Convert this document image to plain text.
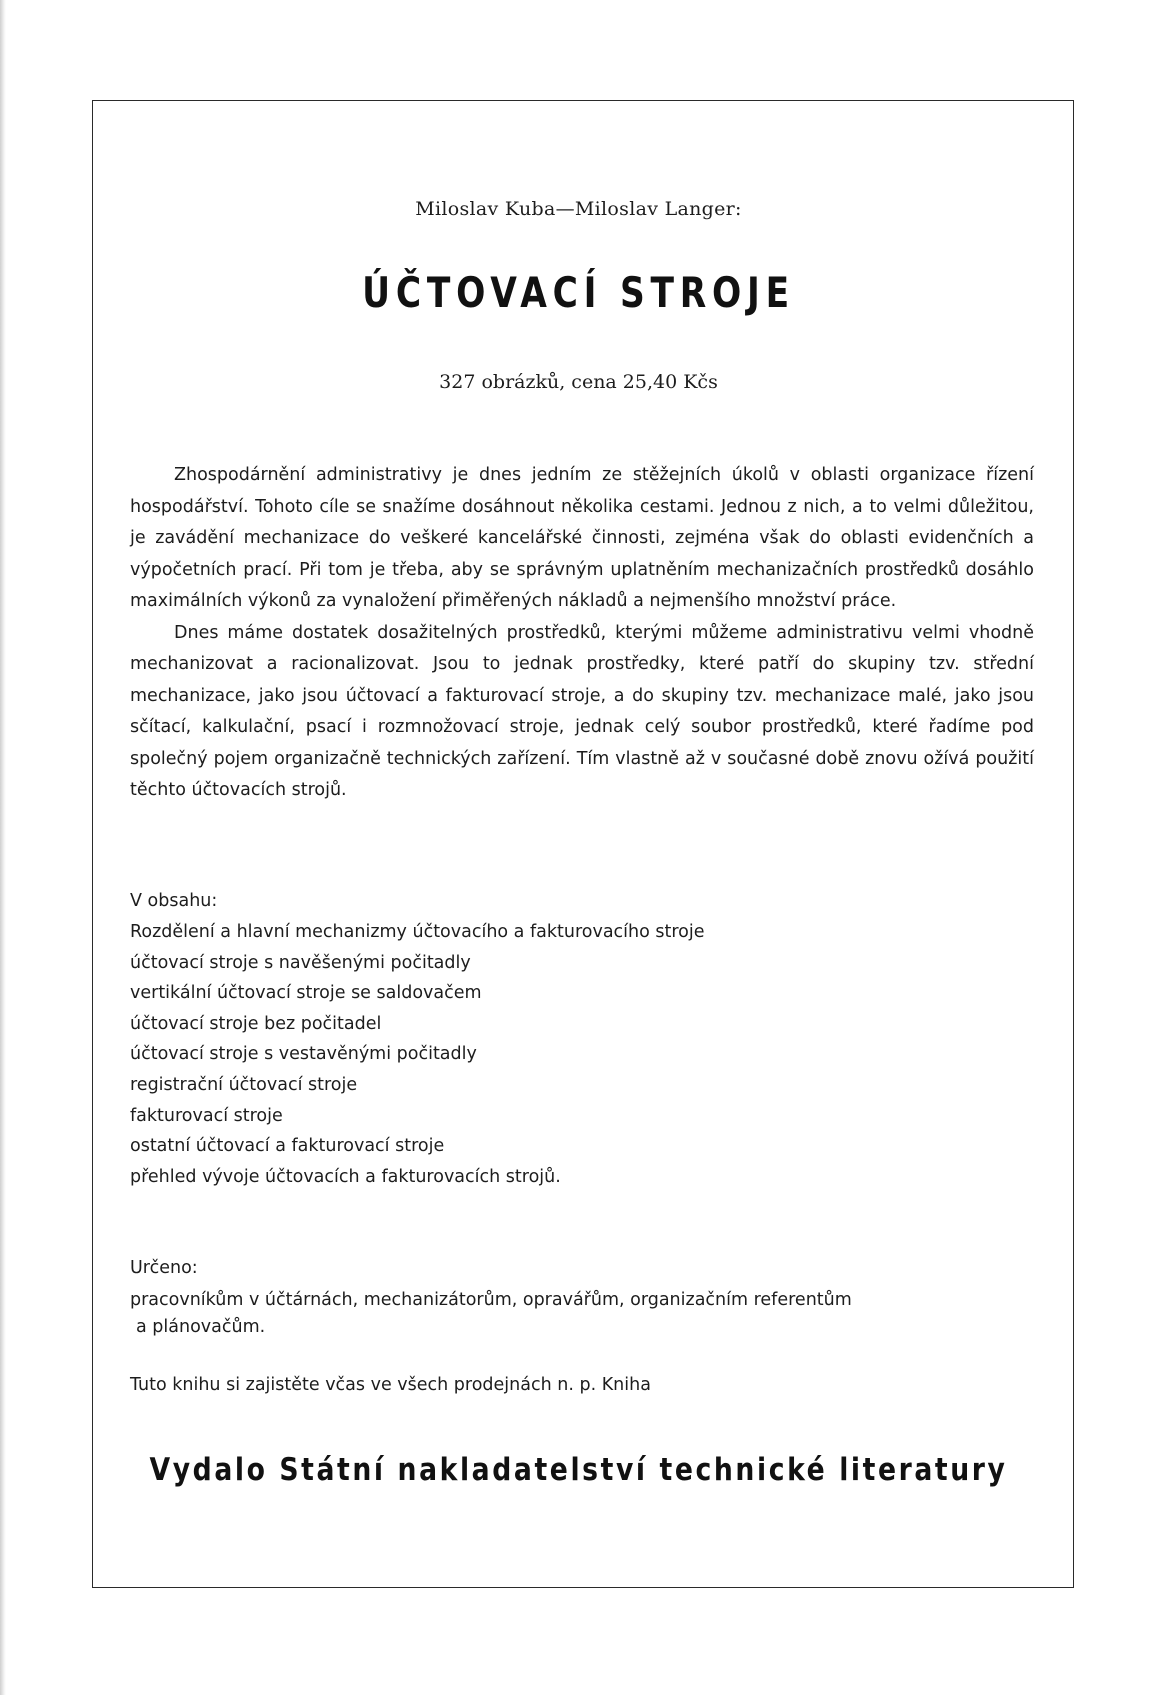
Miloslav Kuba—Miloslav Langer:
ÚČTOVACÍ STROJE
327 obrázků, cena 25,40 Kčs

Zhospodárnění administrativy je dnes jedním ze stěžejních úkolů v oblasti organizace řízení hospodářství. Tohoto cíle se snažíme dosáhnout několika cestami. Jednou z nich, a to velmi důležitou, je zavádění mechanizace do veškeré kancelářské činnosti, zejména však do oblasti evidenčních a výpočetních prací. Při tom je třeba, aby se správným uplatněním mechanizačních prostředků dosáhlo maximálních výkonů za vynaložení přiměřených nákladů a nejmenšího množství práce.

Dnes máme dostatek dosažitelných prostředků, kterými můžeme administrativu velmi vhodně mechanizovat a racionalizovat. Jsou to jednak prostředky, které patří do skupiny tzv. střední mechanizace, jako jsou účtovací a fakturovací stroje, a do skupiny tzv. mechanizace malé, jako jsou sčítací, kalkulační, psací i rozmnožovací stroje, jednak celý soubor prostředků, které řadíme pod společný pojem organizačně technických zařízení. Tím vlastně až v současné době znovu ožívá použití těchto účtovacích strojů.

V obsahu:
Rozdělení a hlavní mechanizmy účtovacího a fakturovacího stroje
účtovací stroje s navěšenými počitadly
vertikální účtovací stroje se saldovačem
účtovací stroje bez počitadel
účtovací stroje s vestavěnými počitadly
registrační účtovací stroje
fakturovací stroje
ostatní účtovací a fakturovací stroje
přehled vývoje účtovacích a fakturovacích strojů.
Určeno:
pracovníkům v účtárnách, mechanizátorům, opravářům, organizačním referentům
a plánovačům.
Tuto knihu si zajistěte včas ve všech prodejnách n. p. Kniha
Vydalo Státní nakladatelství technické literatury
